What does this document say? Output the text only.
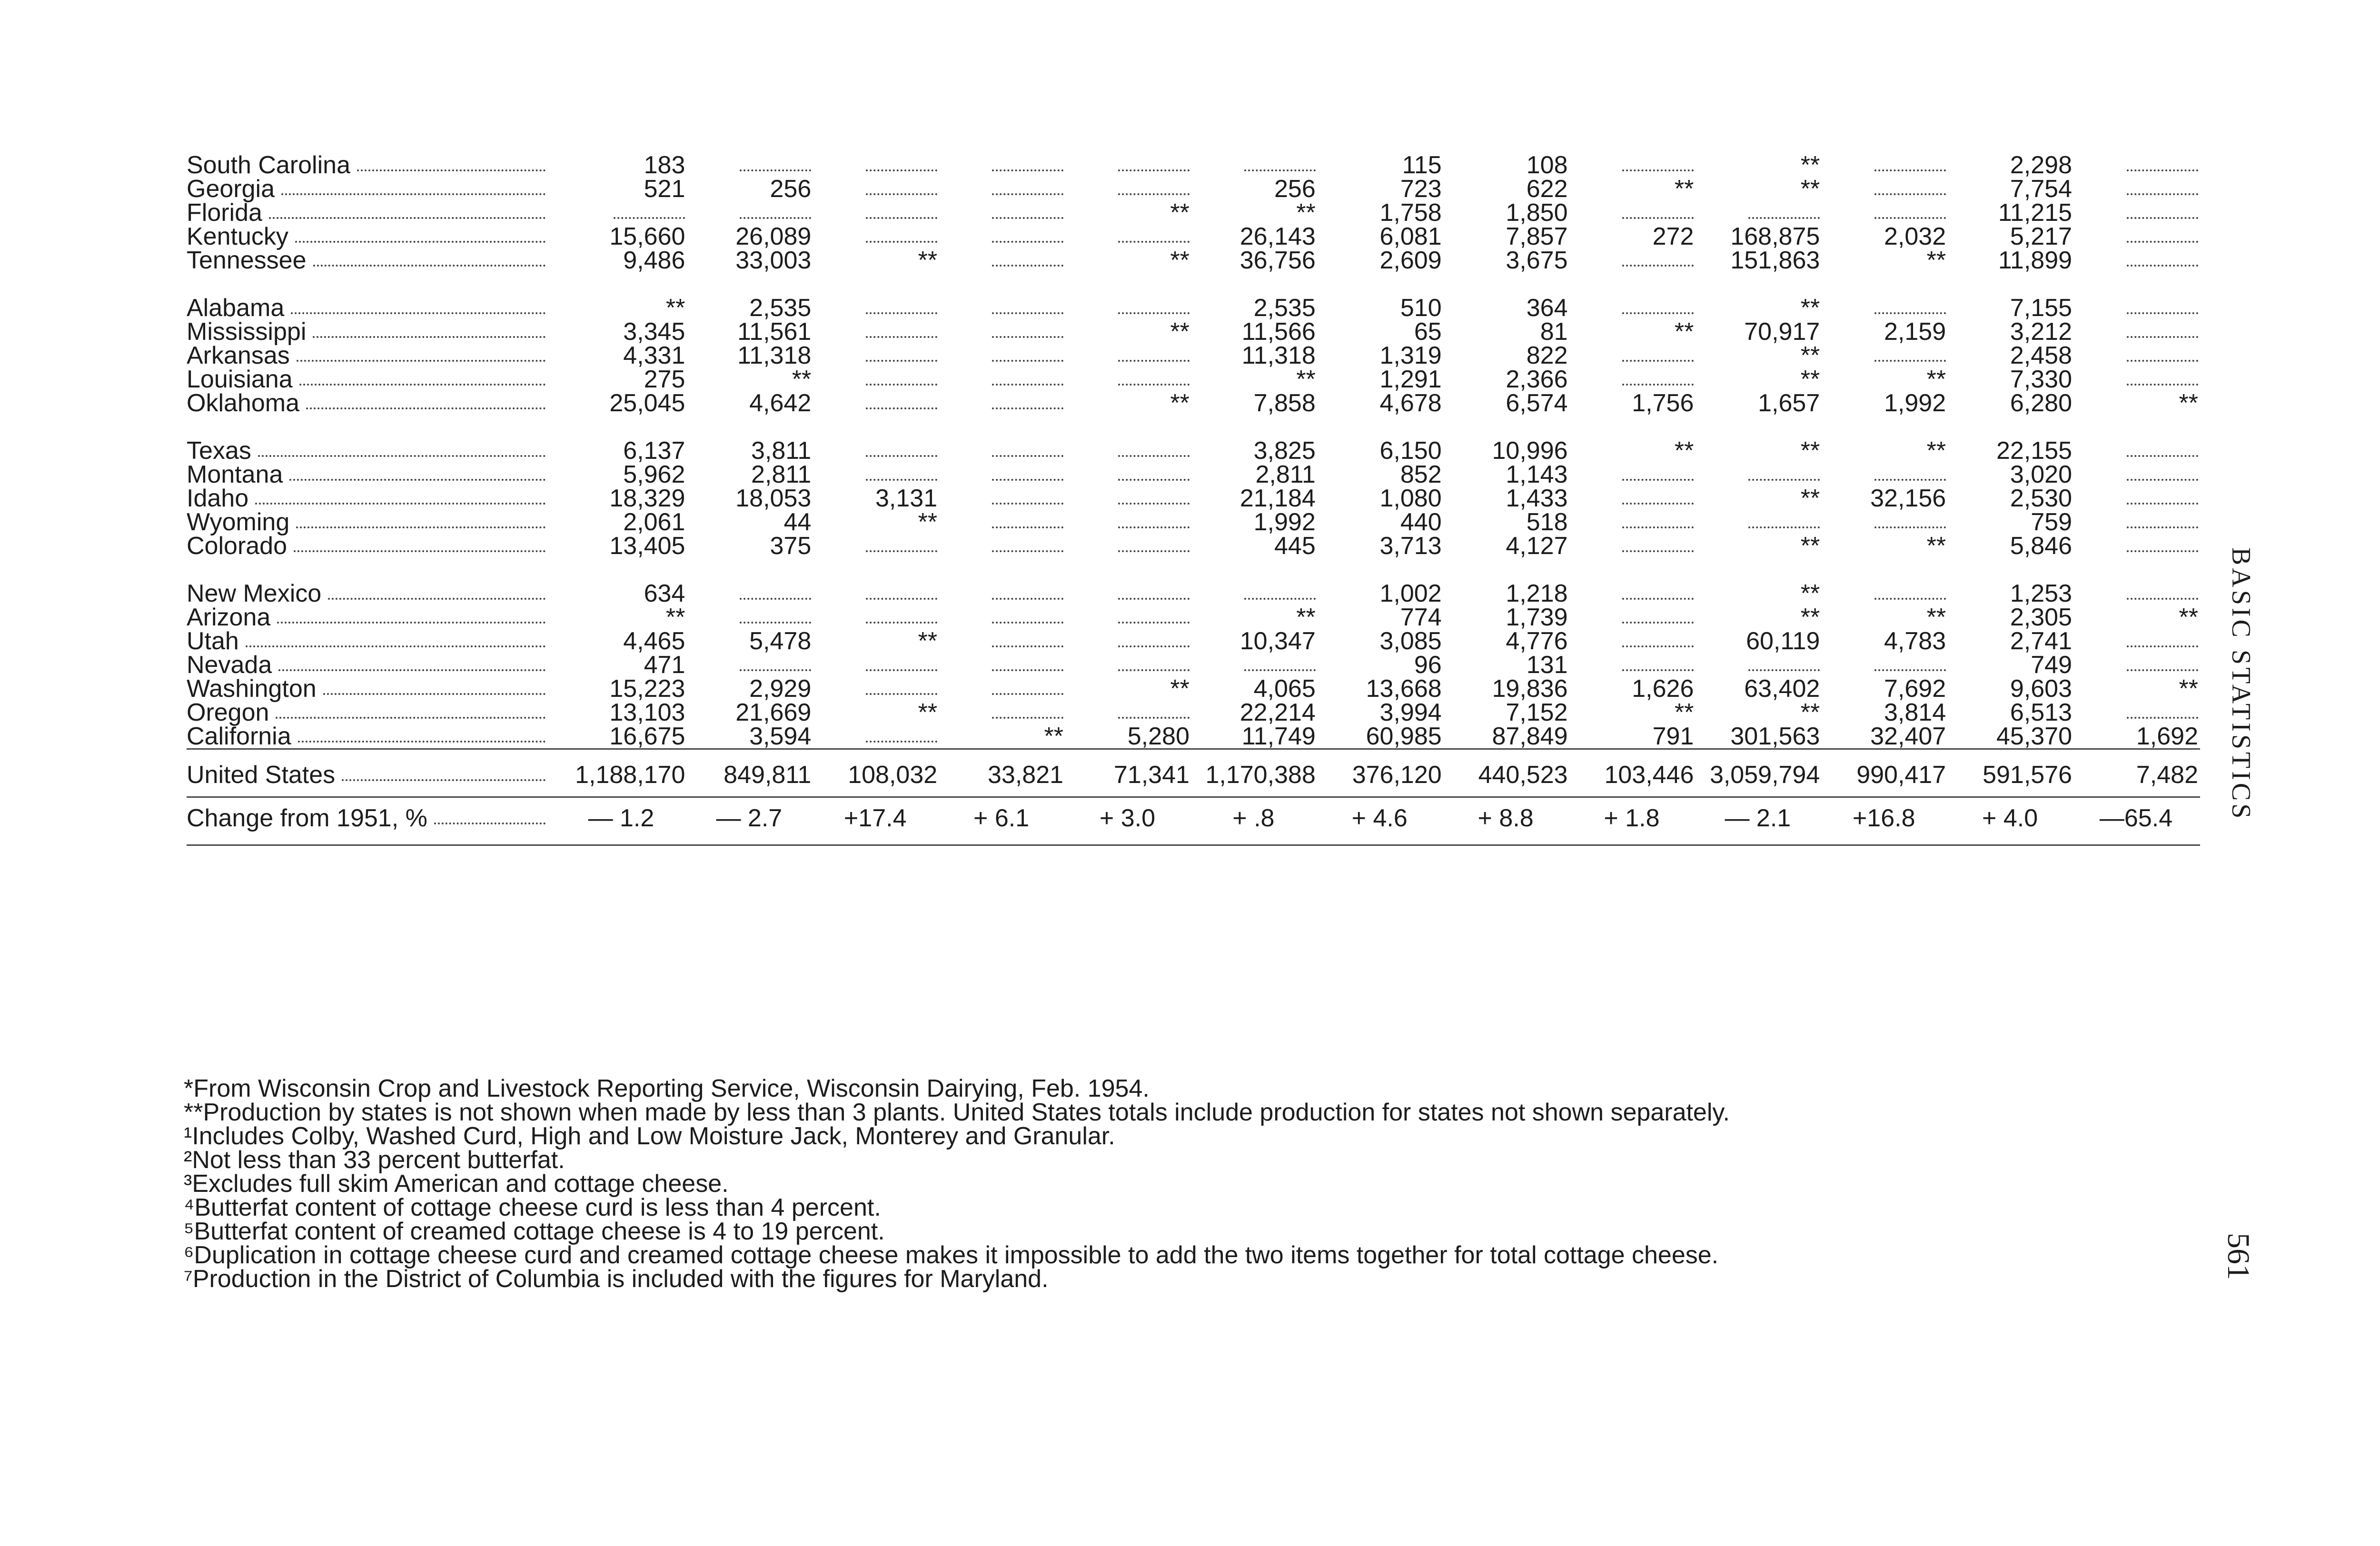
BASIC STATISTICS
561
South Carolina	183						115	108		**		2,298	

Georgia	521	256				256	723	622	**	**		7,754	

Florida					**	**	1,758	1,850				11,215	

Kentucky	15,660	26,089				26,143	6,081	7,857	272	168,875	2,032	5,217	

Tennessee	9,486	33,003	**		**	36,756	2,609	3,675		151,863	**	11,899	

Alabama	**	2,535				2,535	510	364		**		7,155	

Mississippi	3,345	11,561			**	11,566	65	81	**	70,917	2,159	3,212	

Arkansas	4,331	11,318				11,318	1,319	822		**		2,458	

Louisiana	275	**				**	1,291	2,366		**	**	7,330	

Oklahoma	25,045	4,642			**	7,858	4,678	6,574	1,756	1,657	1,992	6,280	**

Texas	6,137	3,811				3,825	6,150	10,996	**	**	**	22,155	

Montana	5,962	2,811				2,811	852	1,143				3,020	

Idaho	18,329	18,053	3,131			21,184	1,080	1,433		**	32,156	2,530	

Wyoming	2,061	44	**			1,992	440	518				759	

Colorado	13,405	375				445	3,713	4,127		**	**	5,846	

New Mexico	634						1,002	1,218		**		1,253	

Arizona	**					**	774	1,739		**	**	2,305	**

Utah	4,465	5,478	**			10,347	3,085	4,776		60,119	4,783	2,741	

Nevada	471						96	131				749	

Washington	15,223	2,929			**	4,065	13,668	19,836	1,626	63,402	7,692	9,603	**

Oregon	13,103	21,669	**			22,214	3,994	7,152	**	**	3,814	6,513	

California	16,675	3,594		**	5,280	11,749	60,985	87,849	791	301,563	32,407	45,370	1,692

United States	1,188,170	849,811	108,032	33,821	71,341	1,170,388	376,120	440,523	103,446	3,059,794	990,417	591,576	7,482

Change from 1951, %	— 1.2	— 2.7	+17.4	+ 6.1	+ 3.0	+ .8	+ 4.6	+ 8.8	+ 1.8	— 2.1	+16.8	+ 4.0	—65.4
*From Wisconsin Crop and Livestock Reporting Service, Wisconsin Dairying, Feb. 1954.
**Production by states is not shown when made by less than 3 plants. United States totals include production for states not shown separately.
¹Includes Colby, Washed Curd, High and Low Moisture Jack, Monterey and Granular.
²Not less than 33 percent butterfat.
³Excludes full skim American and cottage cheese.
⁴Butterfat content of cottage cheese curd is less than 4 percent.
⁵Butterfat content of creamed cottage cheese is 4 to 19 percent.
⁶Duplication in cottage cheese curd and creamed cottage cheese makes it impossible to add the two items together for total cottage cheese.
⁷Production in the District of Columbia is included with the figures for Maryland.
